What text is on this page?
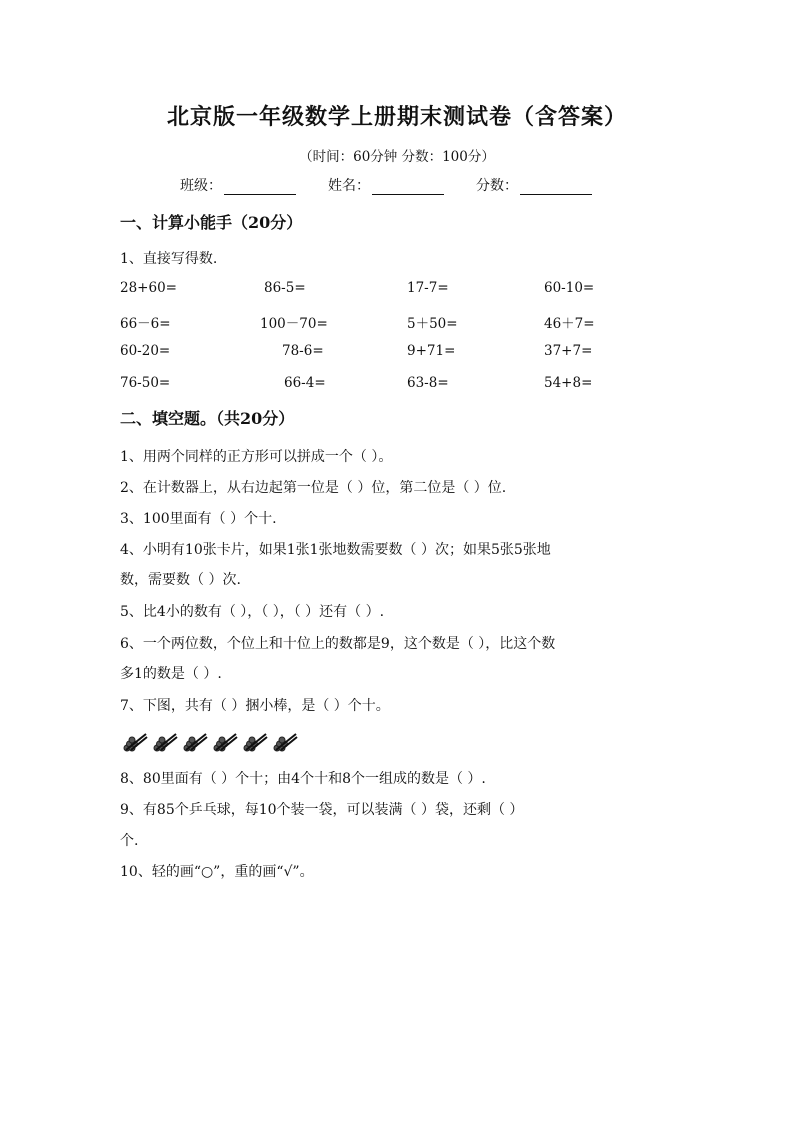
北京版一年级数学上册期末测试卷（含答案）
（时间：60分钟 分数：100分）
班级：	姓名：	分数：
一、计算小能手（20分）
1、直接写得数.
28+60=	86-5=	17-7=	60-10=
66－6=	100－70=	5＋50=	46＋7=
60-20=	78-6=	9+71=	37+7=
76-50=	66-4=	63-8=	54+8=
二、填空题。（共20分）
1、用两个同样的正方形可以拼成一个（ ）。
2、在计数器上，从右边起第一位是（ ）位，第二位是（ ）位.
3、100里面有（ ）个十.
4、小明有10张卡片，如果1张1张地数需要数（ ）次；如果5张5张地
数，需要数（ ）次.
5、比4小的数有（ ），（ ），（ ）还有（ ）.
6、一个两位数，个位上和十位上的数都是9，这个数是（ ），比这个数
多1的数是（ ）.
7、下图，共有（ ）捆小棒，是（ ）个十。
8、80里面有（ ）个十；由4个十和8个一组成的数是（ ）.
9、有85个乒乓球，每10个装一袋，可以装满（ ）袋，还剩（ ）
个.
10、轻的画“○”，重的画“√”。
